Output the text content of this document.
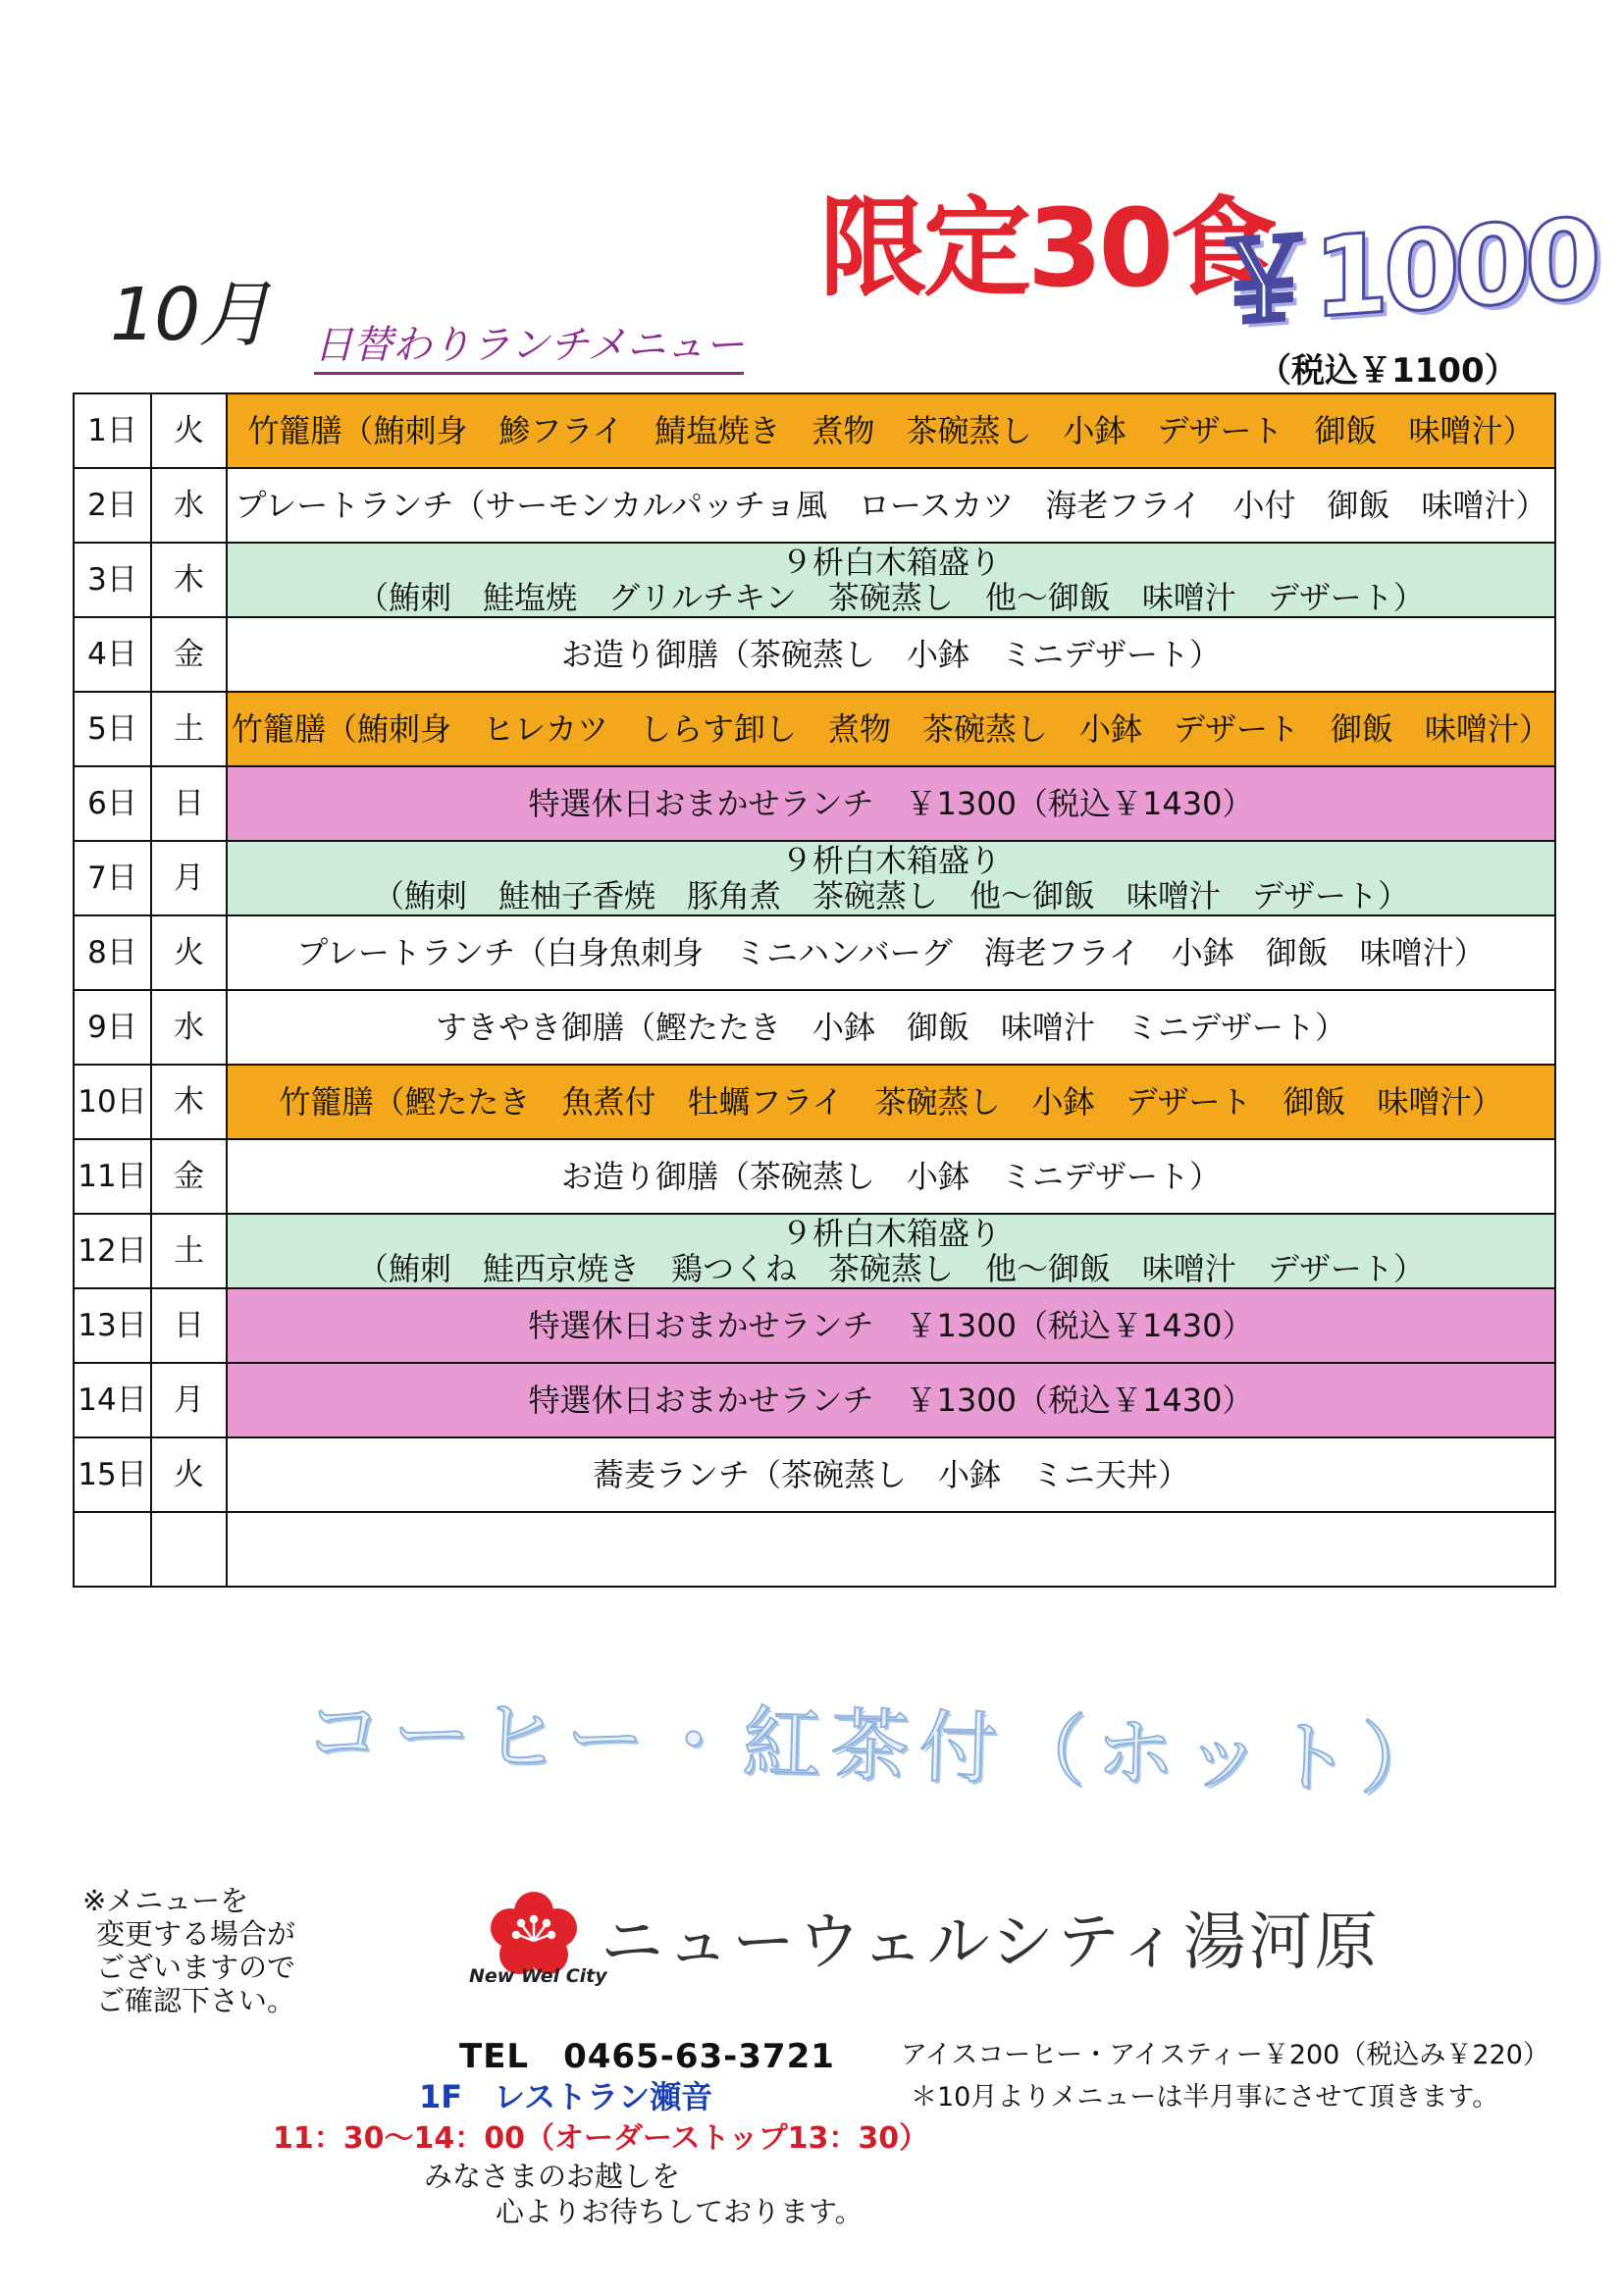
10月 日替わりランチメニュー
限定30食
￥1000
（税込￥1100）
1日	火	竹籠膳（鮪刺身　鯵フライ　鯖塩焼き　煮物　茶碗蒸し　小鉢　デザート　御飯　味噌汁）

2日	水	プレートランチ（サーモンカルパッチョ風　ロースカツ　海老フライ　小付　御飯　味噌汁）

3日	木	９枡白木箱盛り
（鮪刺　鮭塩焼　グリルチキン　茶碗蒸し　他～御飯　味噌汁　デザート）

4日	金	お造り御膳（茶碗蒸し　小鉢　ミニデザート）

5日	土	竹籠膳（鮪刺身　ヒレカツ　しらす卸し　煮物　茶碗蒸し　小鉢　デザート　御飯　味噌汁）

6日	日	特選休日おまかせランチ　￥1300（税込￥1430）

7日	月	９枡白木箱盛り
（鮪刺　鮭柚子香焼　豚角煮　茶碗蒸し　他～御飯　味噌汁　デザート）

8日	火	プレートランチ（白身魚刺身　ミニハンバーグ　海老フライ　小鉢　御飯　味噌汁）

9日	水	すきやき御膳（鰹たたき　小鉢　御飯　味噌汁　ミニデザート）

10日	木	竹籠膳（鰹たたき　魚煮付　牡蠣フライ　茶碗蒸し　小鉢　デザート　御飯　味噌汁）

11日	金	お造り御膳（茶碗蒸し　小鉢　ミニデザート）

12日	土	９枡白木箱盛り
（鮪刺　鮭西京焼き　鶏つくね　茶碗蒸し　他～御飯　味噌汁　デザート）

13日	日	特選休日おまかせランチ　￥1300（税込￥1430）

14日	月	特選休日おまかせランチ　￥1300（税込￥1430）

15日	火	蕎麦ランチ（茶碗蒸し　小鉢　ミニ天丼）

コーヒー・紅茶付（ホット）
※メニューを
変更する場合が
ございますので
ご確認下さい。
New Wel City
ニューウェルシティ湯河原
TEL　0465-63-3721
1F　レストラン瀬音
11：30～14：00（オーダーストップ13：30）
みなさまのお越しを
心よりお待ちしております。
アイスコーヒー・アイスティー￥200（税込み￥220）
＊10月よりメニューは半月事にさせて頂きます。
